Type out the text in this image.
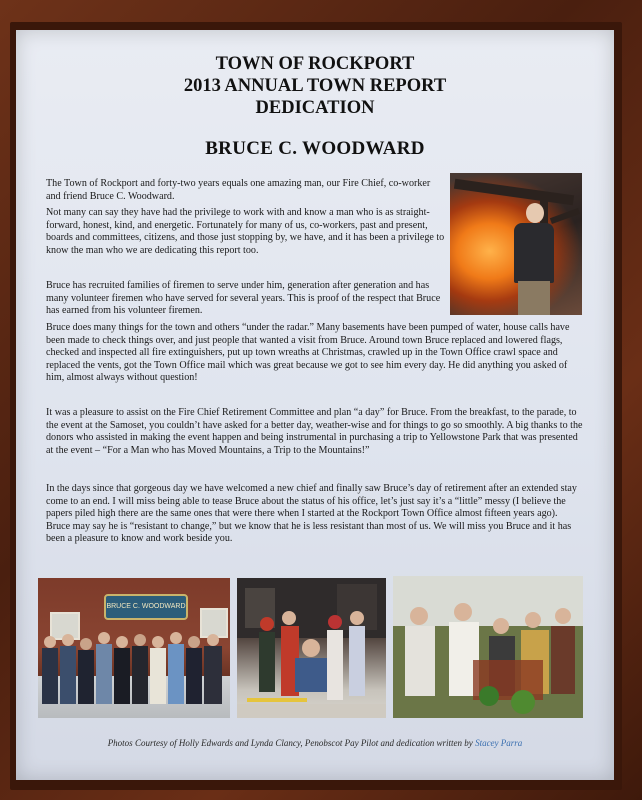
TOWN OF ROCKPORT
2013 ANNUAL TOWN REPORT
DEDICATION
BRUCE C. WOODWARD

The Town of Rockport and forty-two years equals one amazing man, our Fire Chief, co-worker and friend Bruce C. Woodward.

Not many can say they have had the privilege to work with and know a man who is as straight-forward, honest, kind, and energetic. Fortunately for many of us, co-workers, past and present, boards and committees, citizens, and those just stopping by, we have, and it has been a privilege to know the man who we are dedicating this report too.

Bruce has recruited families of firemen to serve under him, generation after generation and has many volunteer firemen who have served for several years. This is proof of the respect that Bruce has earned from his volunteer firemen.

Bruce does many things for the town and others “under the radar.” Many basements have been pumped of water, house calls have been made to check things over, and just people that wanted a visit from Bruce. Around town Bruce replaced and lowered flags, checked and inspected all fire extinguishers, put up town wreaths at Christmas, crawled up in the Town Office crawl space and replaced the vents, got the Town Office mail which was great because we got to see him every day. He did anything you asked of him, almost always without question!

It was a pleasure to assist on the Fire Chief Retirement Committee and plan “a day” for Bruce. From the breakfast, to the parade, to the event at the Samoset, you couldn’t have asked for a better day, weather-wise and for things to go so smoothly. A big thanks to the donors who assisted in making the event happen and being instrumental in purchasing a trip to Yellowstone Park that was presented at the event – “For a Man who has Moved Mountains, a Trip to the Mountains!”

In the days since that gorgeous day we have welcomed a new chief and finally saw Bruce’s day of retirement after an extended stay come to an end. I will miss being able to tease Bruce about the status of his office, let’s just say it’s a “little” messy (I believe the papers piled high there are the same ones that were there when I started at the Rockport Town Office almost fifteen years ago). Bruce may say he is “resistant to change,” but we know that he is less resistant than most of us. We will miss you Bruce and it has been a pleasure to know and work beside you.

BRUCE C. WOODWARD
Photos Courtesy of Holly Edwards and Lynda Clancy, Penobscot Pay Pilot and dedication written by Stacey Parra
